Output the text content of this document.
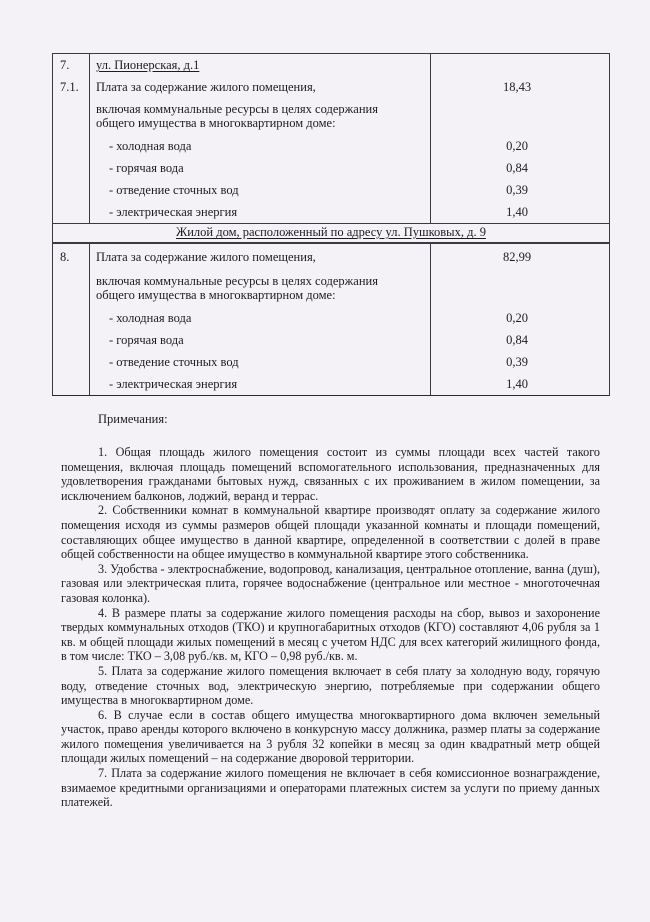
7.	ул. Пионерская, д.1
7.1.	Плата за содержание жилого помещения,	18,43
включая коммунальные ресурсы в целях содержания общего имущества в многоквартирном доме:
- холодная вода	0,20
- горячая вода	0,84
- отведение сточных вод	0,39
- электрическая энергия	1,40
Жилой дом, расположенный по адресу ул. Пушковых, д. 9
8.	Плата за содержание жилого помещения,	82,99
включая коммунальные ресурсы в целях содержания общего имущества в многоквартирном доме:
- холодная вода	0,20
- горячая вода	0,84
- отведение сточных вод	0,39
- электрическая энергия	1,40
Примечания:

1. Общая площадь жилого помещения состоит из суммы площади всех частей такого помещения, включая площадь помещений вспомогательного использования, предназначенных для удовлетворения гражданами бытовых нужд, связанных с их проживанием в жилом помещении, за исключением балконов, лоджий, веранд и террас.

2. Собственники комнат в коммунальной квартире производят оплату за содержание жилого помещения исходя из суммы размеров общей площади указанной комнаты и площади помещений, составляющих общее имущество в данной квартире, определенной в соответствии с долей в праве общей собственности на общее имущество в коммунальной квартире этого собственника.

3. Удобства - электроснабжение, водопровод, канализация, центральное отопление, ванна (душ), газовая или электрическая плита, горячее водоснабжение (центральное или местное - многоточечная газовая колонка).

4. В размере платы за содержание жилого помещения расходы на сбор, вывоз и захоронение твердых коммунальных отходов (ТКО) и крупногабаритных отходов (КГО) составляют 4,06 рубля за 1 кв. м общей площади жилых помещений в месяц с учетом НДС для всех категорий жилищного фонда, в том числе: ТКО – 3,08 руб./кв. м, КГО – 0,98 руб./кв. м.

5. Плата за содержание жилого помещения включает в себя плату за холодную воду, горячую воду, отведение сточных вод, электрическую энергию, потребляемые при содержании общего имущества в многоквартирном доме.

6. В случае если в состав общего имущества многоквартирного дома включен земельный участок, право аренды которого включено в конкурсную массу должника, размер платы за содержание жилого помещения увеличивается на 3 рубля 32 копейки в месяц за один квадратный метр общей площади жилых помещений – на содержание дворовой территории.

7. Плата за содержание жилого помещения не включает в себя комиссионное вознаграждение, взимаемое кредитными организациями и операторами платежных систем за услуги по приему данных платежей.
